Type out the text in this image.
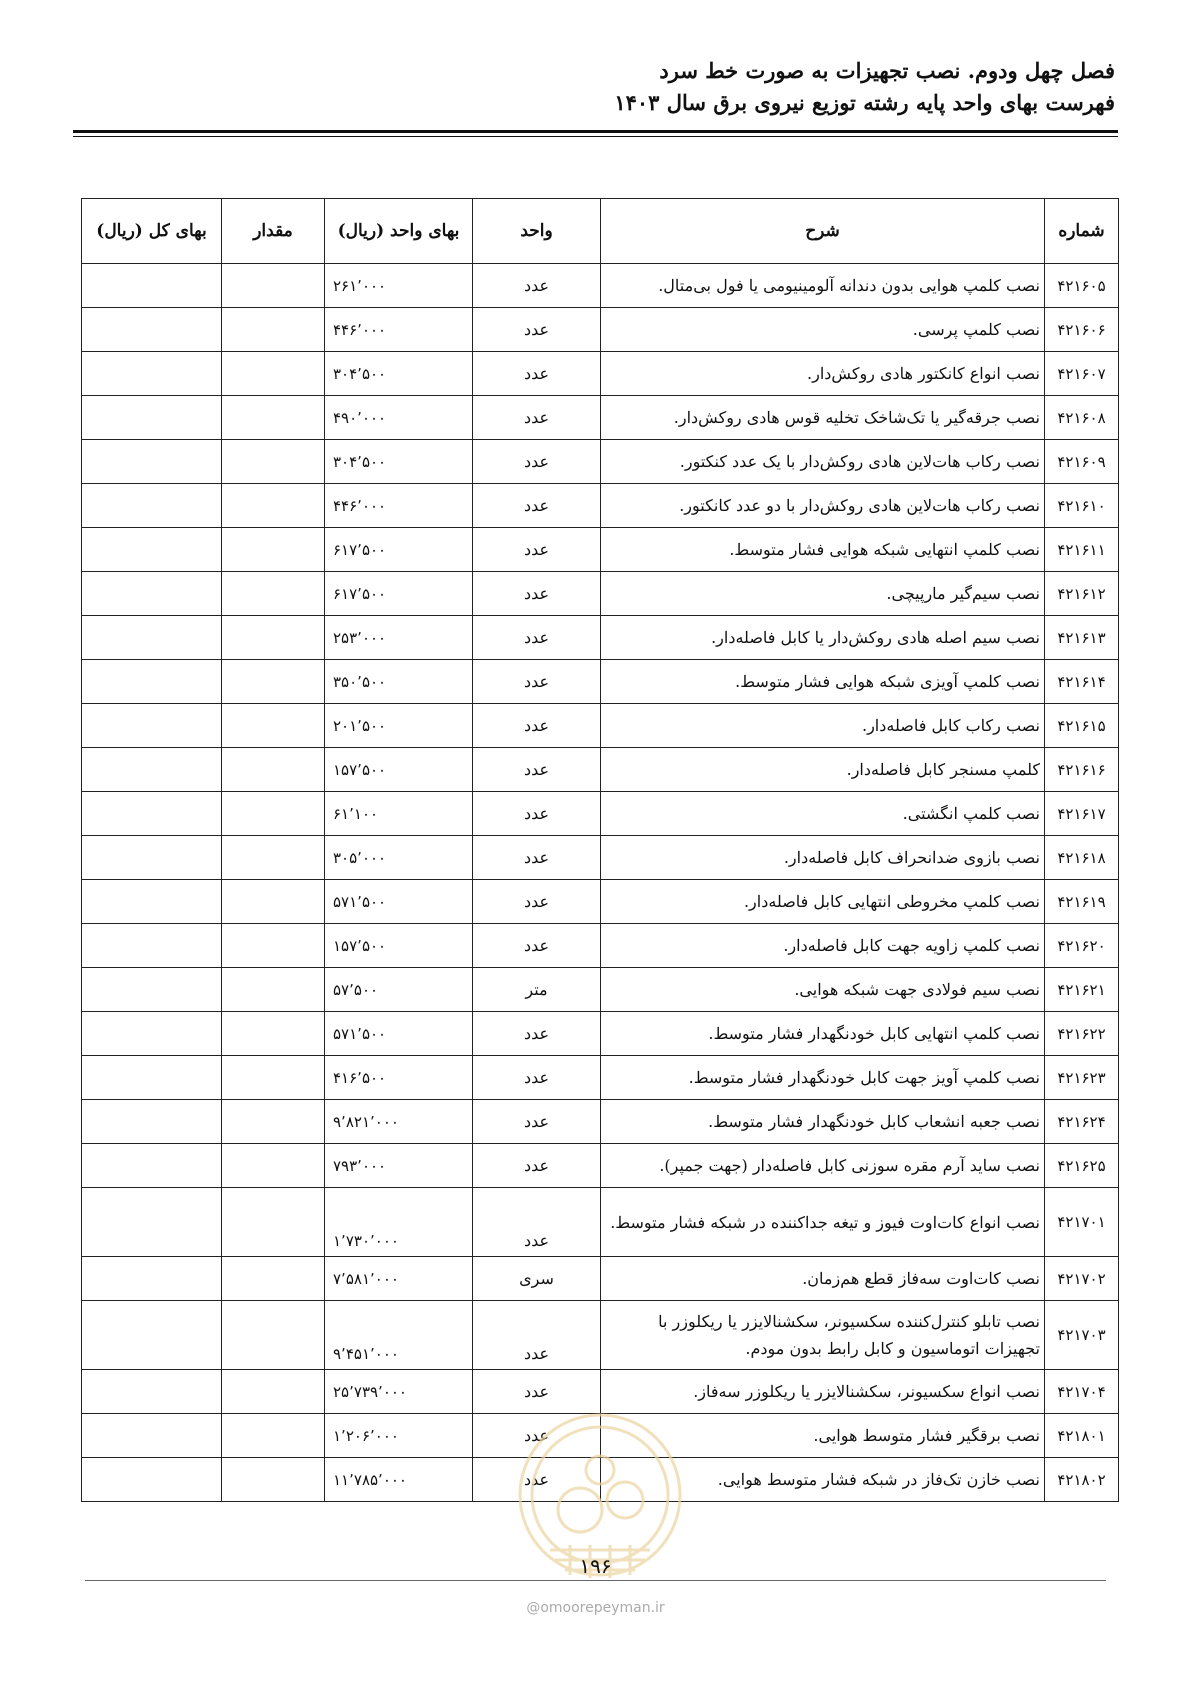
فصل چهل ودوم. نصب تجهیزات به صورت خط سرد
فهرست بهای واحد پایه رشته توزیع نیروی برق سال ۱۴۰۳
شماره	شرح	واحد	بهای واحد (ریال)	مقدار	بهای کل (ریال)
۴۲۱۶۰۵	نصب کلمپ هوایی بدون دندانه آلومینیومی یا فول بی‌متال.	عدد	۲۶۱٬۰۰۰		
۴۲۱۶۰۶	نصب کلمپ پرسی.	عدد	۴۴۶٬۰۰۰		
۴۲۱۶۰۷	نصب انواع کانکتور هادی روکش‌دار.	عدد	۳۰۴٬۵۰۰		
۴۲۱۶۰۸	نصب جرقه‌گیر یا تک‌شاخک تخلیه قوس هادی روکش‌دار.	عدد	۴۹۰٬۰۰۰		
۴۲۱۶۰۹	نصب رکاب هات‌لاین هادی روکش‌دار با یک عدد کنکتور.	عدد	۳۰۴٬۵۰۰		
۴۲۱۶۱۰	نصب رکاب هات‌لاین هادی روکش‌دار با دو عدد کانکتور.	عدد	۴۴۶٬۰۰۰		
۴۲۱۶۱۱	نصب کلمپ انتهایی شبکه هوایی فشار متوسط.	عدد	۶۱۷٬۵۰۰		
۴۲۱۶۱۲	نصب سیم‌گیر مارپیچی.	عدد	۶۱۷٬۵۰۰		
۴۲۱۶۱۳	نصب سیم اصله هادی روکش‌دار یا کابل فاصله‌دار.	عدد	۲۵۳٬۰۰۰		
۴۲۱۶۱۴	نصب کلمپ آویزی شبکه هوایی فشار متوسط.	عدد	۳۵۰٬۵۰۰		
۴۲۱۶۱۵	نصب رکاب کابل فاصله‌دار.	عدد	۲۰۱٬۵۰۰		
۴۲۱۶۱۶	کلمپ مسنجر کابل فاصله‌دار.	عدد	۱۵۷٬۵۰۰		
۴۲۱۶۱۷	نصب کلمپ انگشتی.	عدد	۶۱٬۱۰۰		
۴۲۱۶۱۸	نصب بازوی ضدانحراف کابل فاصله‌دار.	عدد	۳۰۵٬۰۰۰		
۴۲۱۶۱۹	نصب کلمپ مخروطی انتهایی کابل فاصله‌دار.	عدد	۵۷۱٬۵۰۰		
۴۲۱۶۲۰	نصب کلمپ زاویه جهت کابل فاصله‌دار.	عدد	۱۵۷٬۵۰۰		
۴۲۱۶۲۱	نصب سیم فولادی جهت شبکه هوایی.	متر	۵۷٬۵۰۰		
۴۲۱۶۲۲	نصب کلمپ انتهایی کابل خودنگهدار فشار متوسط.	عدد	۵۷۱٬۵۰۰		
۴۲۱۶۲۳	نصب کلمپ آویز جهت کابل خودنگهدار فشار متوسط.	عدد	۴۱۶٬۵۰۰		
۴۲۱۶۲۴	نصب جعبه انشعاب کابل خودنگهدار فشار متوسط.	عدد	۹٬۸۲۱٬۰۰۰		
۴۲۱۶۲۵	نصب ساید آرم مقره سوزنی کابل فاصله‌دار (جهت جمپر).	عدد	۷۹۳٬۰۰۰		
۴۲۱۷۰۱	نصب انواع کات‌اوت فیوز و تیغه جداکننده در شبکه فشار متوسط.	عدد	۱٬۷۳۰٬۰۰۰		
۴۲۱۷۰۲	نصب کات‌اوت سه‌فاز قطع هم‌زمان.	سری	۷٬۵۸۱٬۰۰۰		
۴۲۱۷۰۳	نصب تابلو کنترل‌کننده سکسیونر، سکشنالایزر یا ریکلوزر با تجهیزات اتوماسیون و کابل رابط بدون مودم.	عدد	۹٬۴۵۱٬۰۰۰		
۴۲۱۷۰۴	نصب انواع سکسیونر، سکشنالایزر یا ریکلوزر سه‌فاز.	عدد	۲۵٬۷۳۹٬۰۰۰		
۴۲۱۸۰۱	نصب برقگیر فشار متوسط هوایی.	عدد	۱٬۲۰۶٬۰۰۰		
۴۲۱۸۰۲	نصب خازن تک‌فاز در شبکه فشار متوسط هوایی.	عدد	۱۱٬۷۸۵٬۰۰۰		
۱۹۶
@omoorepeyman.ir
